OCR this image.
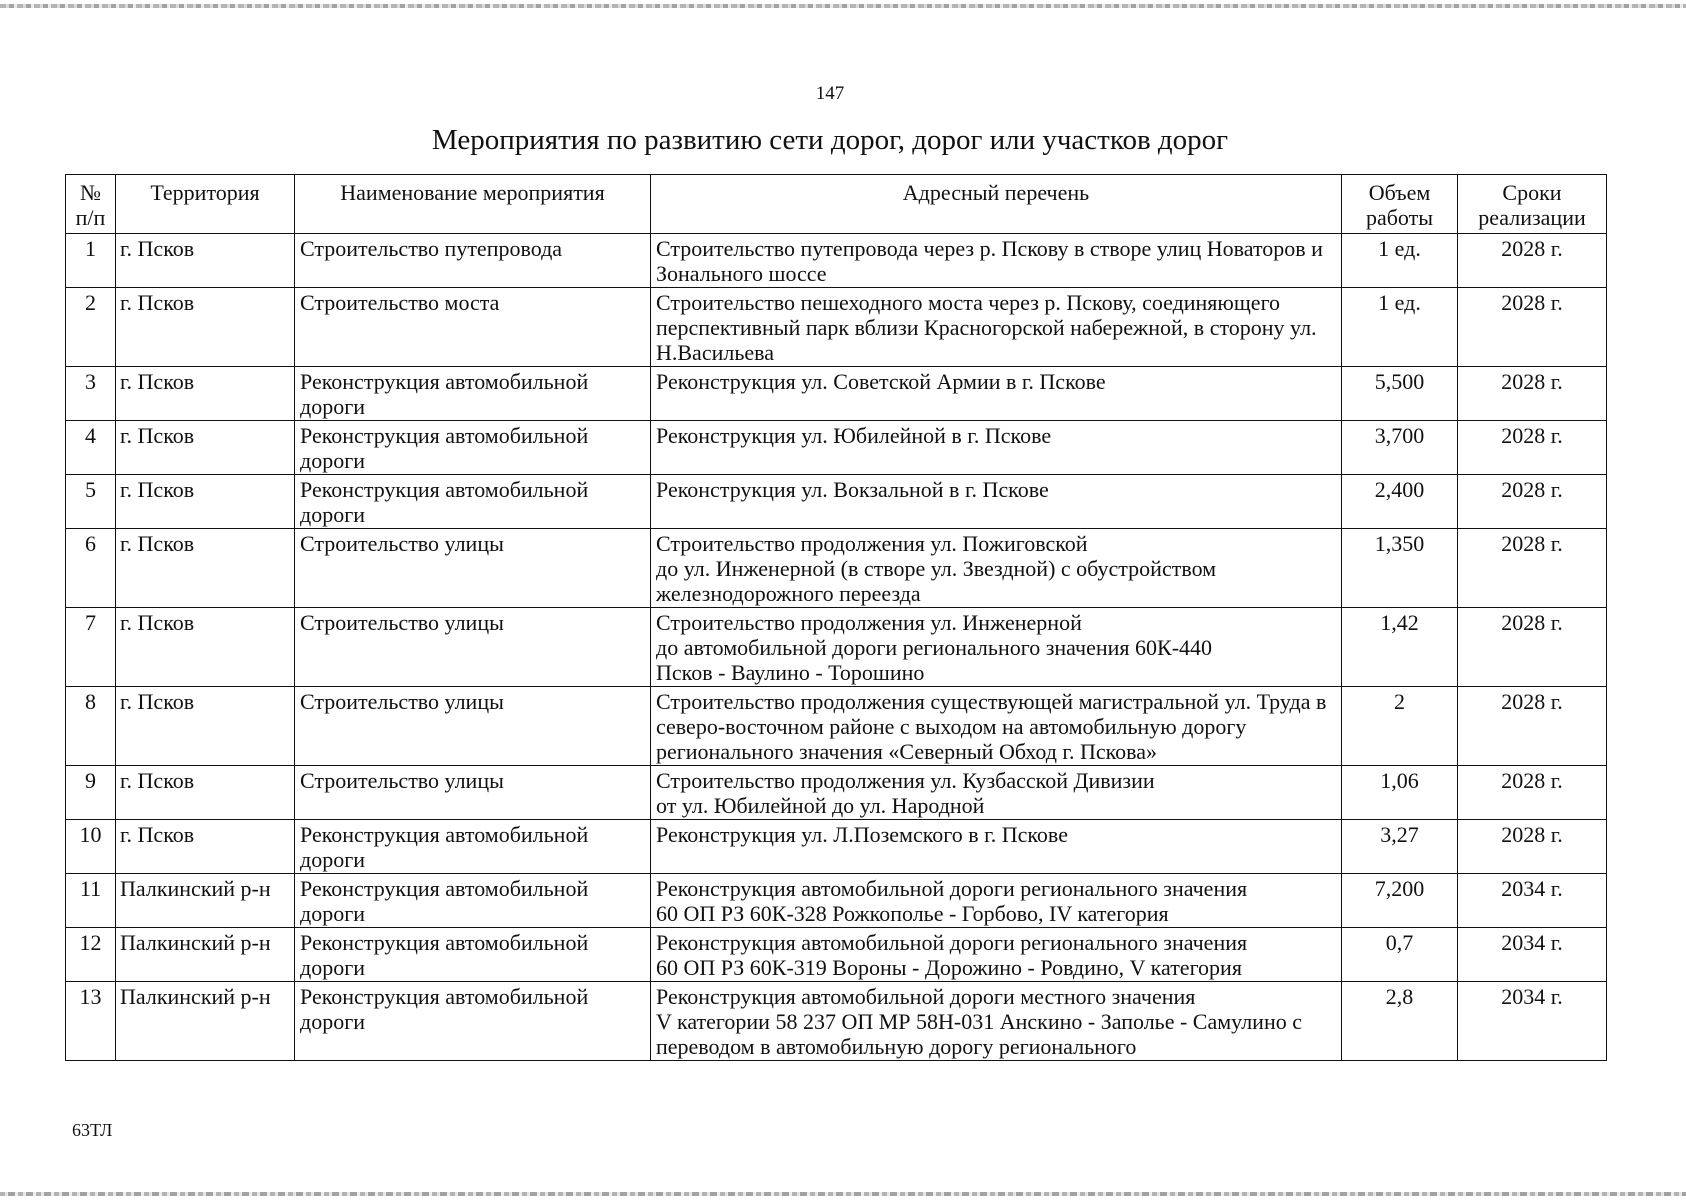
147
Мероприятия по развитию сети дорог, дорог или участков дорог
№ п/п	Территория	Наименование мероприятия	Адресный перечень	Объем работы	Сроки реализации
1	г. Псков	Строительство путепровода	Строительство путепровода через р. Пскову в створе улиц Новаторов и Зонального шоссе	1 ед.	2028 г.
2	г. Псков	Строительство моста	Строительство пешеходного моста через р. Пскову, соединяющего перспективный парк вблизи Красногорской набережной, в сторону ул. Н.Васильева	1 ед.	2028 г.
3	г. Псков	Реконструкция автомобильной дороги	Реконструкция ул. Советской Армии в г. Пскове	5,500	2028 г.
4	г. Псков	Реконструкция автомобильной дороги	Реконструкция ул. Юбилейной в г. Пскове	3,700	2028 г.
5	г. Псков	Реконструкция автомобильной дороги	Реконструкция ул. Вокзальной в г. Пскове	2,400	2028 г.
6	г. Псков	Строительство улицы	Строительство продолжения ул. Пожиговской
до ул. Инженерной (в створе ул. Звездной) с обустройством железнодорожного переезда	1,350	2028 г.
7	г. Псков	Строительство улицы	Строительство продолжения ул. Инженерной
до автомобильной дороги регионального значения 60К-440
Псков - Ваулино - Торошино	1,42	2028 г.
8	г. Псков	Строительство улицы	Строительство продолжения существующей магистральной ул. Труда в северо-восточном районе с выходом на автомобильную дорогу регионального значения «Северный Обход г. Пскова»	2	2028 г.
9	г. Псков	Строительство улицы	Строительство продолжения ул. Кузбасской Дивизии
от ул. Юбилейной до ул. Народной	1,06	2028 г.
10	г. Псков	Реконструкция автомобильной дороги	Реконструкция ул. Л.Поземского в г. Пскове	3,27	2028 г.
11	Палкинский р-н	Реконструкция автомобильной дороги	Реконструкция автомобильной дороги регионального значения
60 ОП РЗ 60К-328 Рожкополье - Горбово, IV категория	7,200	2034 г.
12	Палкинский р-н	Реконструкция автомобильной дороги	Реконструкция автомобильной дороги регионального значения
60 ОП РЗ 60К-319 Вороны - Дорожино - Ровдино, V категория	0,7	2034 г.
13	Палкинский р-н	Реконструкция автомобильной дороги	Реконструкция автомобильной дороги местного значения
V категории 58 237 ОП МР 58Н-031 Анскино - Заполье - Самулино с переводом в автомобильную дорогу регионального	2,8	2034 г.
63ТЛ
